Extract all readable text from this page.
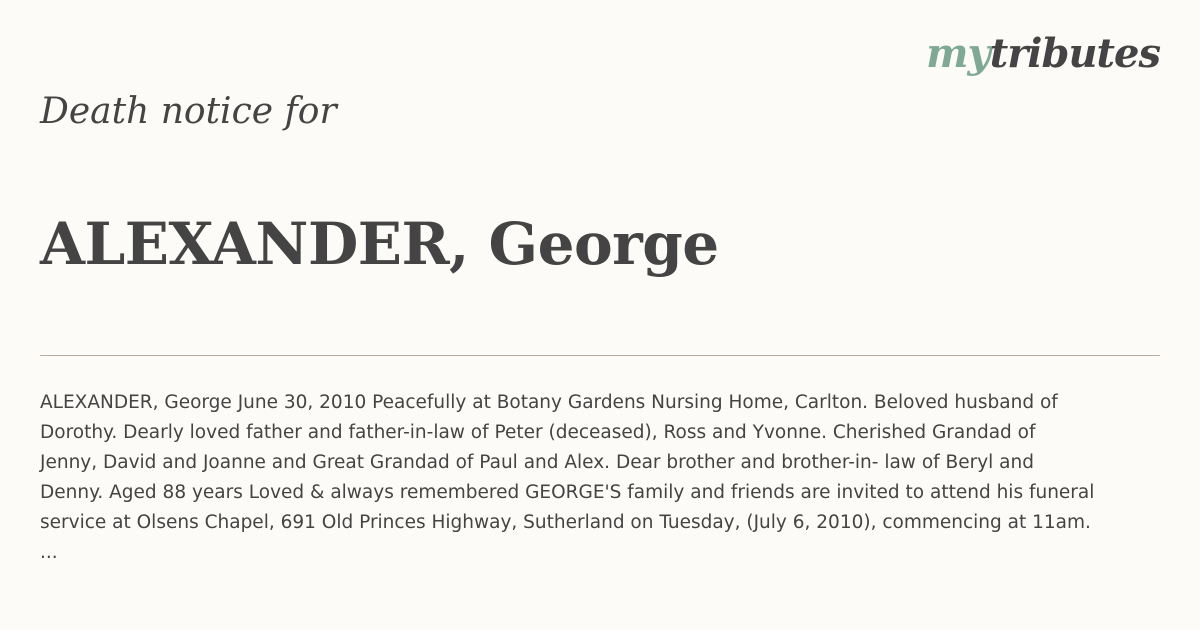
mytributes
Death notice for
ALEXANDER, George

ALEXANDER, George June 30, 2010 Peacefully at Botany Gardens Nursing Home, Carlton. Beloved husband of
Dorothy. Dearly loved father and father-in-law of Peter (deceased), Ross and Yvonne. Cherished Grandad of
Jenny, David and Joanne and Great Grandad of Paul and Alex. Dear brother and brother-in- law of Beryl and
Denny. Aged 88 years Loved & always remembered GEORGE'S family and friends are invited to attend his funeral
service at Olsens Chapel, 691 Old Princes Highway, Sutherland on Tuesday, (July 6, 2010), commencing at 11am.
...
